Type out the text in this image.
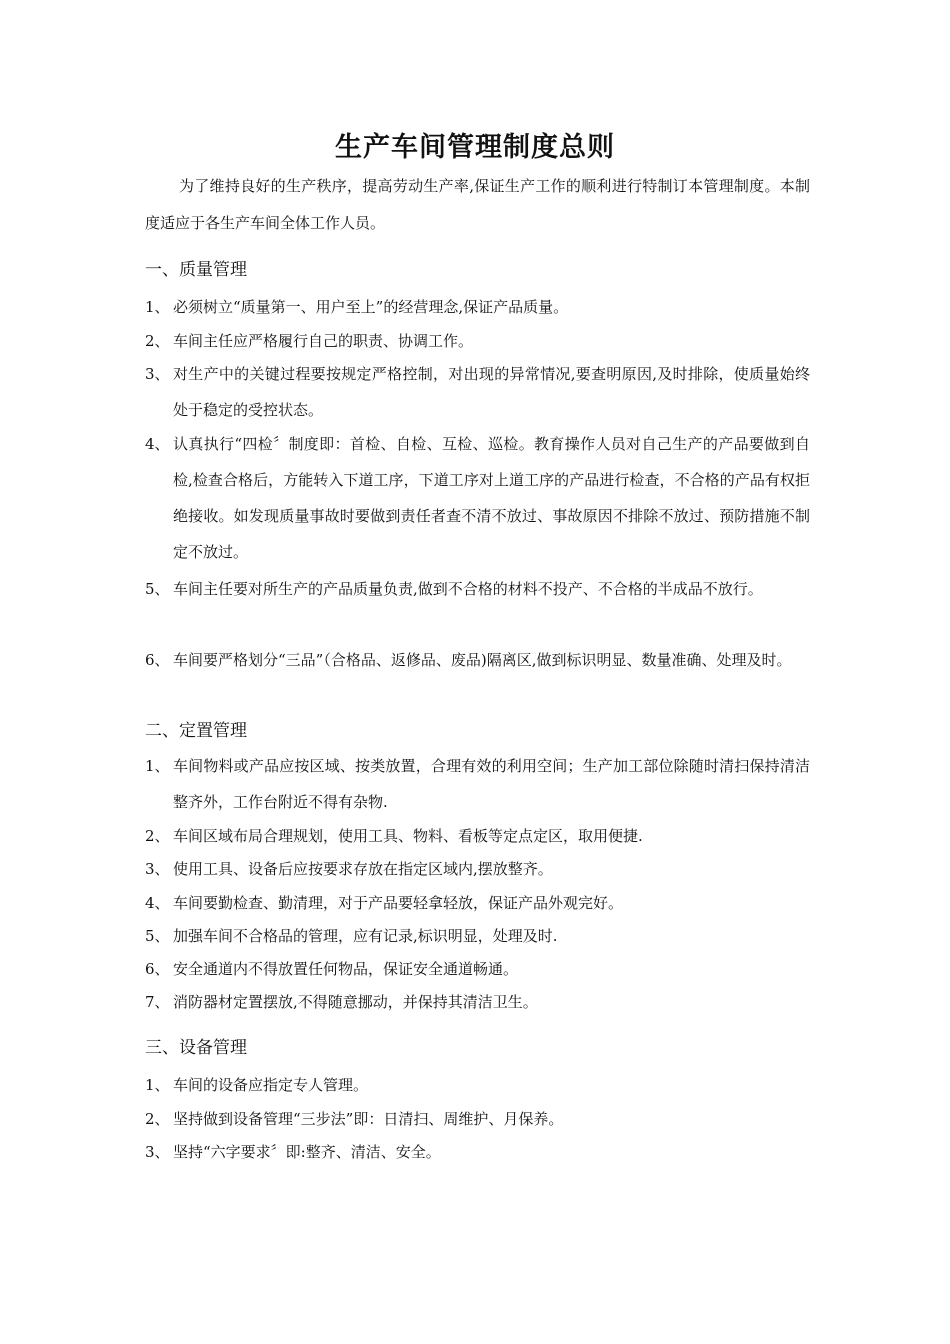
生产车间管理制度总则
为了维持良好的生产秩序，提高劳动生产率,保证生产工作的顺利进行特制订本管理制度。本制度适应于各生产车间全体工作人员。
一、质量管理
1、 必须树立“质量第一、用户至上”的经营理念,保证产品质量。
2、 车间主任应严格履行自己的职责、协调工作。
3、 对生产中的关键过程要按规定严格控制，对出现的异常情况,要查明原因,及时排除，使质量始终处于稳定的受控状态。
4、 认真执行“四检〞制度即：首检、自检、互检、巡检。教育操作人员对自己生产的产品要做到自检,检查合格后，方能转入下道工序，下道工序对上道工序的产品进行检查，不合格的产品有权拒绝接收。如发现质量事故时要做到责任者查不清不放过、事故原因不排除不放过、预防措施不制定不放过。
5、 车间主任要对所生产的产品质量负责,做到不合格的材料不投产、不合格的半成品不放行。
6、 车间要严格划分“三品”（合格品、返修品、废品)隔离区,做到标识明显、数量准确、处理及时。
二、定置管理
1、 车间物料或产品应按区域、按类放置，合理有效的利用空间；生产加工部位除随时清扫保持清洁整齐外，工作台附近不得有杂物.
2、 车间区域布局合理规划，使用工具、物料、看板等定点定区，取用便捷.
3、 使用工具、设备后应按要求存放在指定区域内,摆放整齐。
4、 车间要勤检查、勤清理，对于产品要轻拿轻放，保证产品外观完好。
5、 加强车间不合格品的管理，应有记录,标识明显，处理及时.
6、 安全通道内不得放置任何物品，保证安全通道畅通。
7、 消防器材定置摆放,不得随意挪动，并保持其清洁卫生。
三、设备管理
1、 车间的设备应指定专人管理。
2、 坚持做到设备管理“三步法”即：日清扫、周维护、月保养。
3、 坚持“六字要求〞即:整齐、清洁、安全。
